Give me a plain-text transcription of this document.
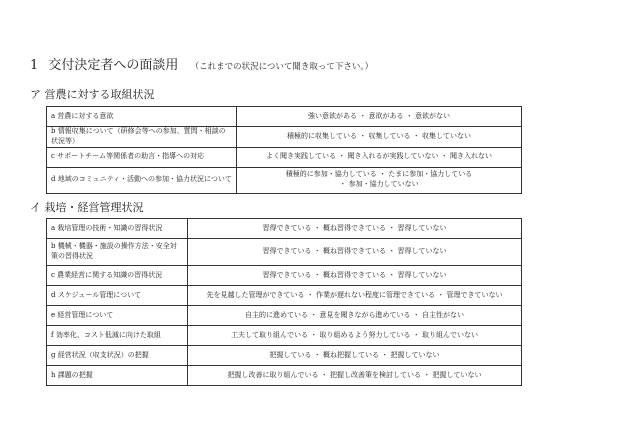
1 交付決定者への面談用 （これまでの状況について聞き取って下さい。）
ア 営農に対する取組状況
a 営農に対する意欲	強い意欲がある ・ 意欲がある ・ 意欲がない
b 情報収集について（研修会等への参加、質問・相談の状況等）	積極的に収集している ・ 収集している ・ 収集していない
c サポートチーム等関係者の助言・指導への対応	よく聞き実践している ・ 聞き入れるが実践していない ・ 聞き入れない
d 地域のコミュニティ・活動への参加・協力状況について	積極的に参加・協力している ・ たまに参加・協力している
・ 参加・協力していない
イ 栽培・経営管理状況
a 栽培管理の技術・知識の習得状況	習得できている ・ 概ね習得できている ・ 習得していない
b 機械・機器・施設の操作方法・安全対策の習得状況	習得できている ・ 概ね習得できている ・ 習得していない
c 農業経営に関する知識の習得状況	習得できている ・ 概ね習得できている ・ 習得していない
d スケジュール管理について	先を見越した管理ができている ・ 作業が遅れない程度に管理できている ・ 管理できていない
e 経営管理について	自主的に進めている ・ 意見を聞きながら進めている ・ 自主性がない
f 効率化、コスト低減に向けた取組	工夫して取り組んでいる ・ 取り組めるよう努力している ・ 取り組んでいない
g 経営状況（収支状況）の把握	把握している ・ 概ね把握している ・ 把握していない
h 課題の把握	把握し改善に取り組んでいる ・ 把握し改善策を検討している ・ 把握していない
